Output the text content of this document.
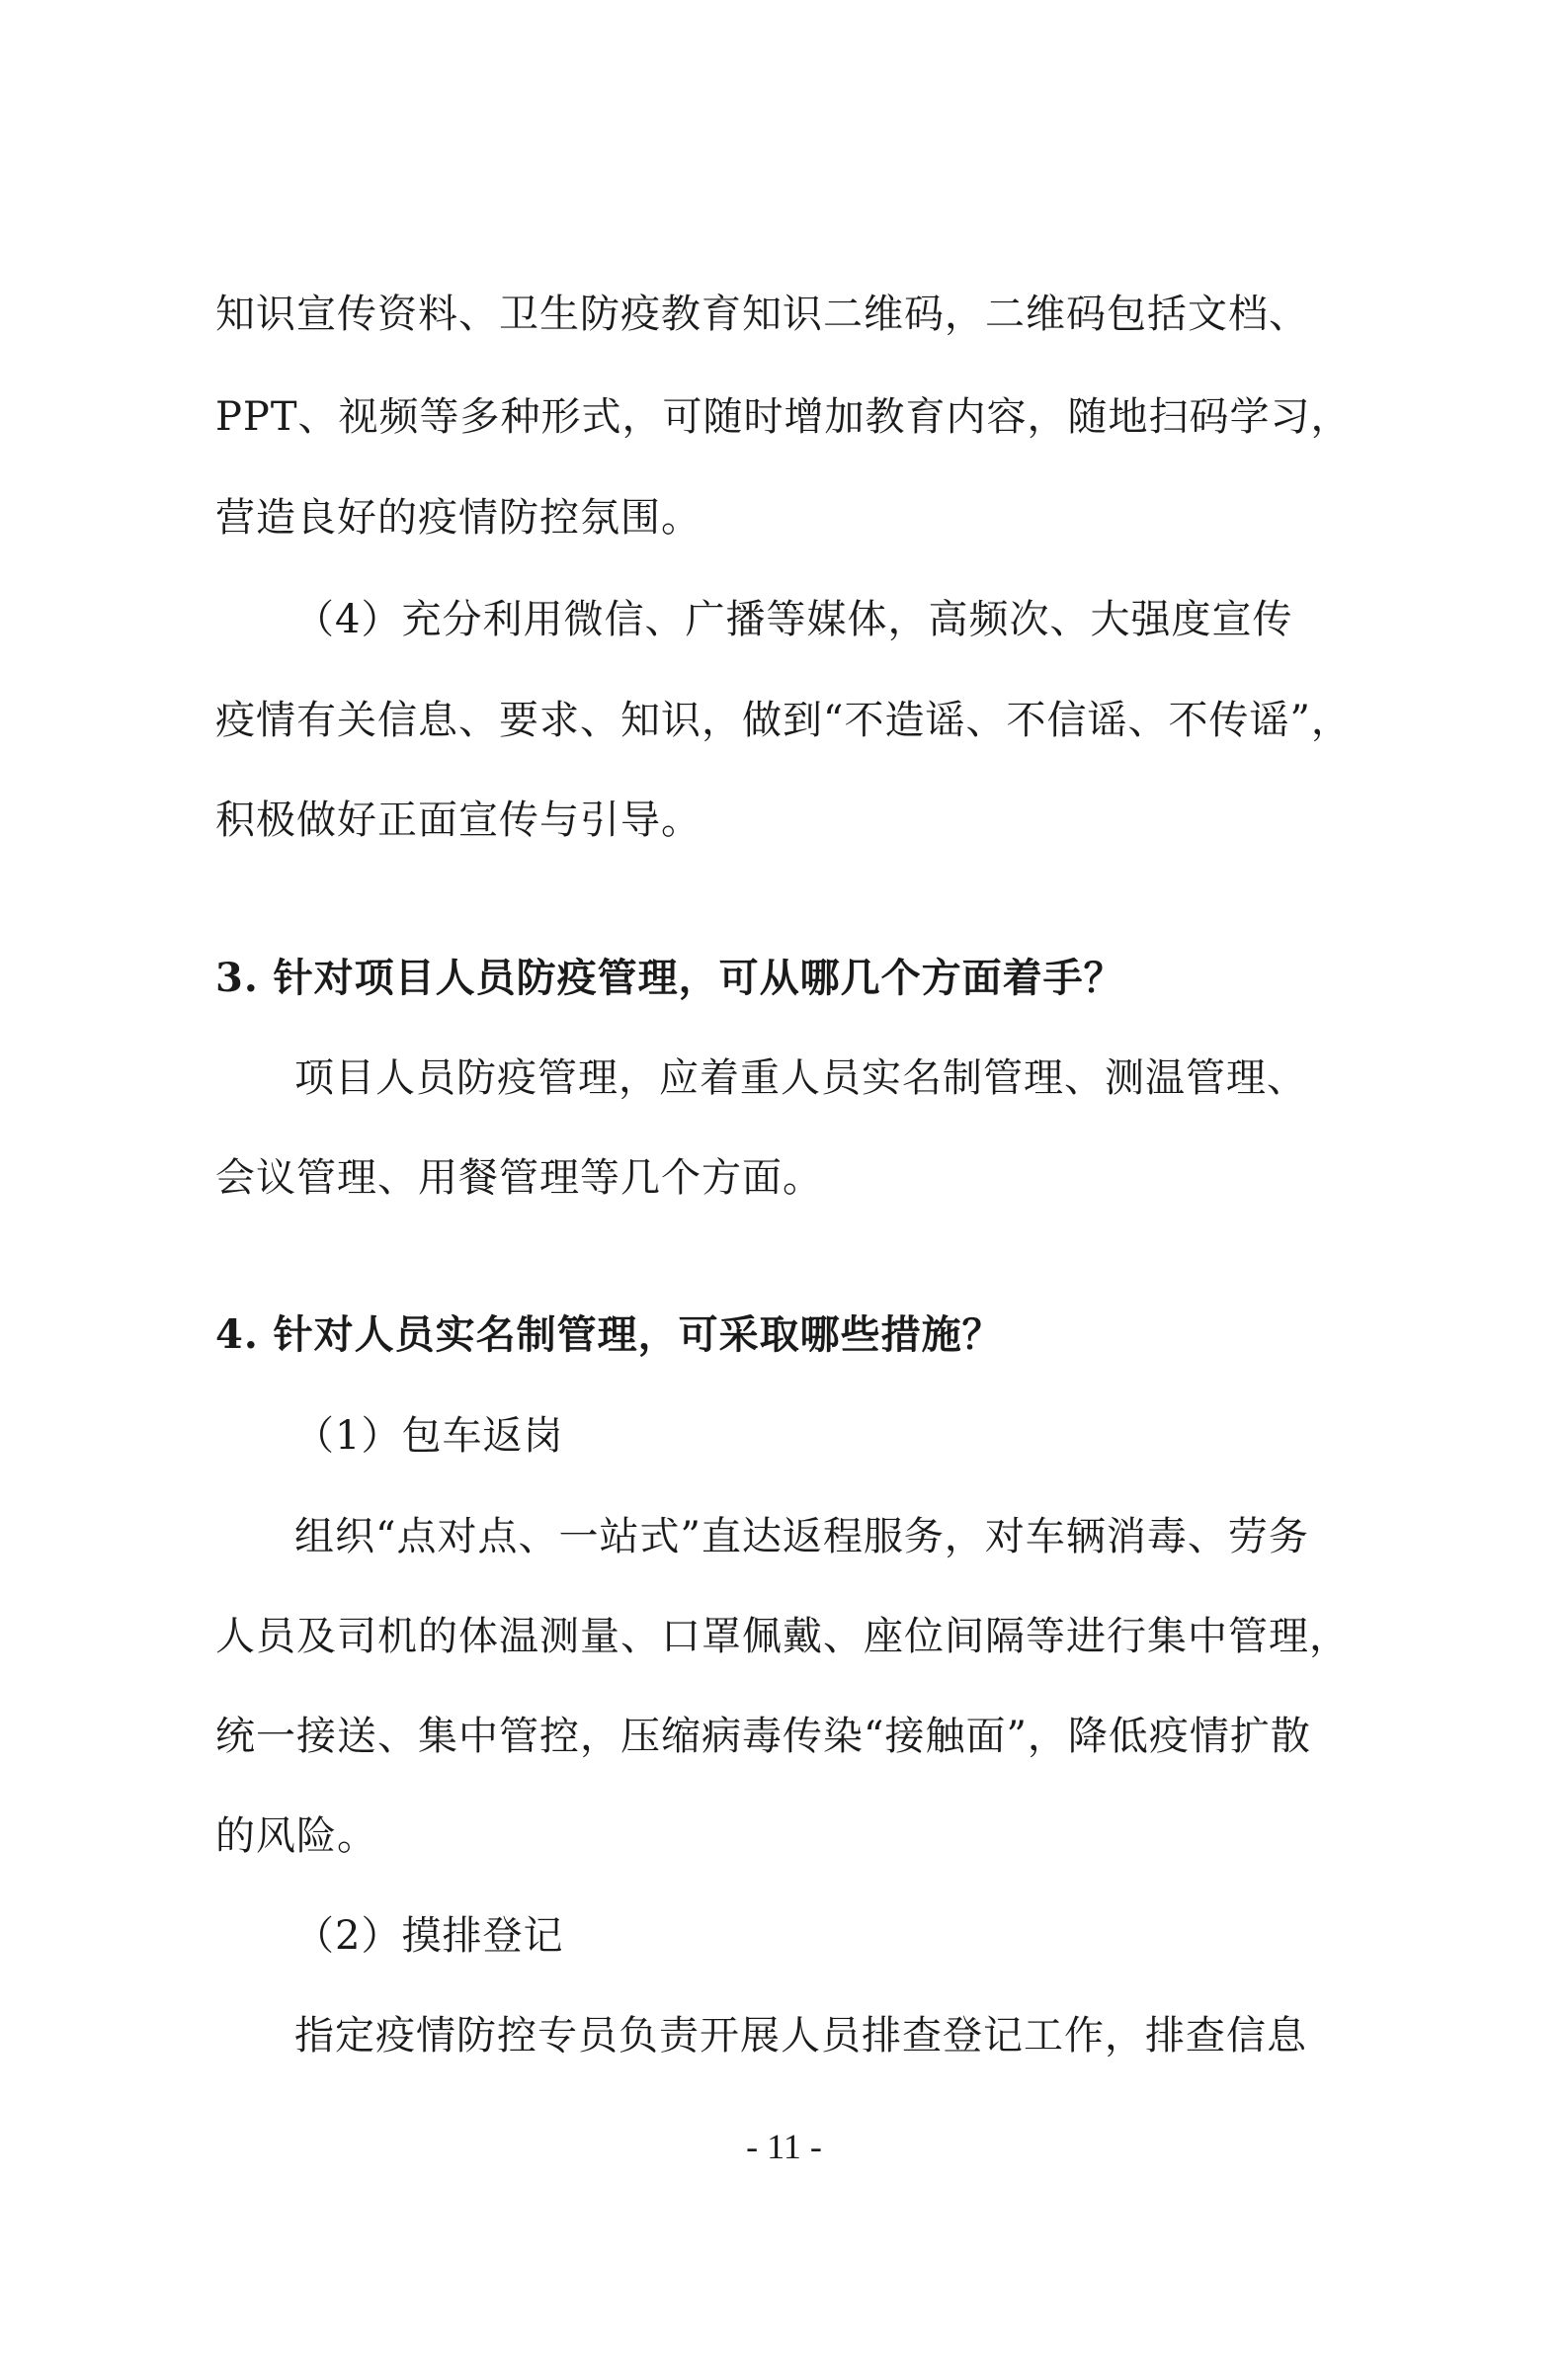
知识宣传资料、卫生防疫教育知识二维码，二维码包括文档、
PPT、视频等多种形式，可随时增加教育内容，随地扫码学习，
营造良好的疫情防控氛围。
（4）充分利用微信、广播等媒体，高频次、大强度宣传
疫情有关信息、要求、知识，做到“不造谣、不信谣、不传谣”，
积极做好正面宣传与引导。
3. 针对项目人员防疫管理，可从哪几个方面着手？
项目人员防疫管理，应着重人员实名制管理、测温管理、
会议管理、用餐管理等几个方面。
4. 针对人员实名制管理，可采取哪些措施？
（1）包车返岗
组织“点对点、一站式”直达返程服务，对车辆消毒、劳务
人员及司机的体温测量、口罩佩戴、座位间隔等进行集中管理，
统一接送、集中管控，压缩病毒传染“接触面”，降低疫情扩散
的风险。
（2）摸排登记
指定疫情防控专员负责开展人员排查登记工作，排查信息
- 11 -
